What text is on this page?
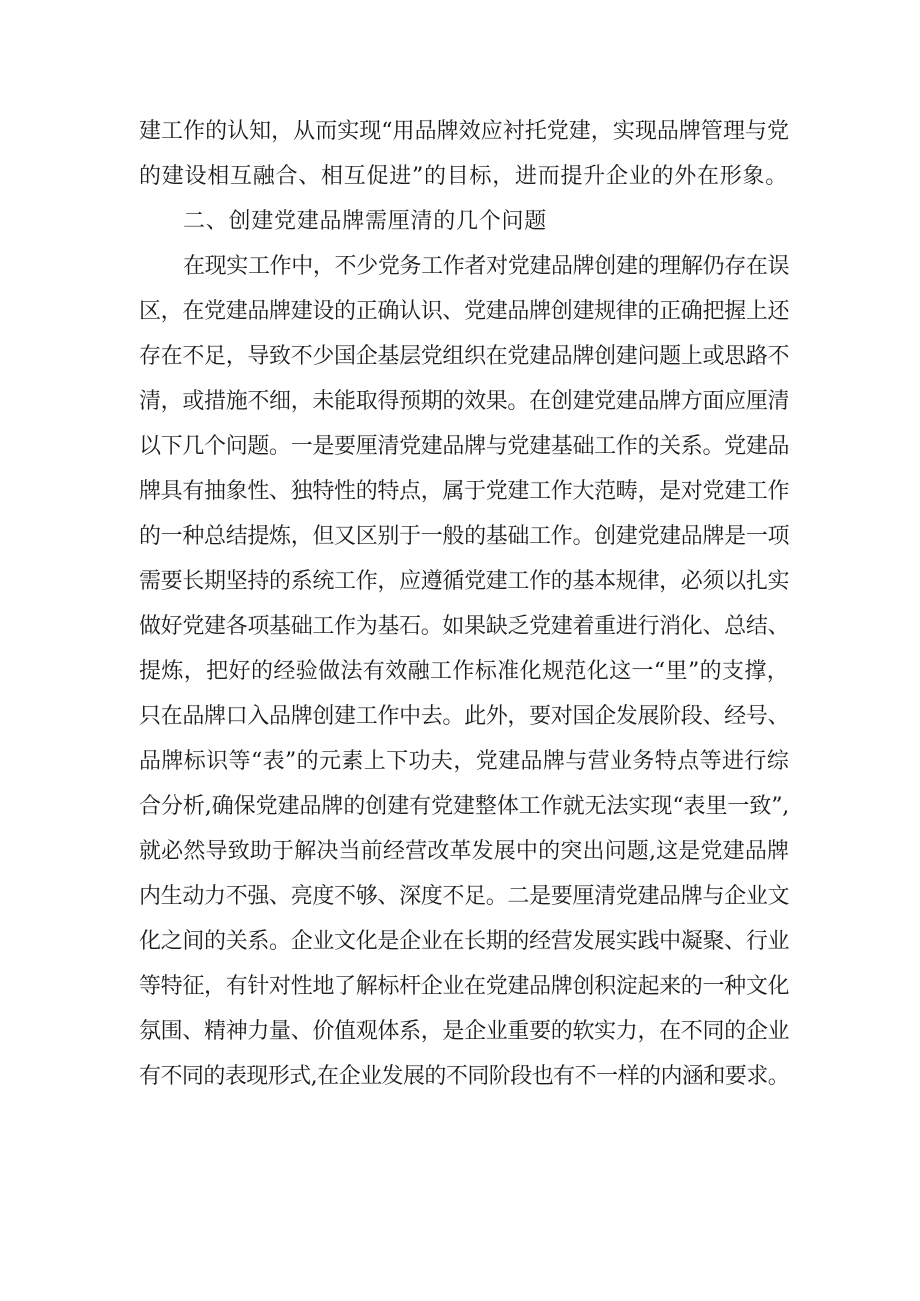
建工作的认知，从而实现“用品牌效应衬托党建，实现品牌管理与党

的建设相互融合、相互促进”的目标，进而提升企业的外在形象。

二、创建党建品牌需厘清的几个问题

在现实工作中，不少党务工作者对党建品牌创建的理解仍存在误

区，在党建品牌建设的正确认识、党建品牌创建规律的正确把握上还

存在不足，导致不少国企基层党组织在党建品牌创建问题上或思路不

清，或措施不细，未能取得预期的效果。在创建党建品牌方面应厘清

以下几个问题。一是要厘清党建品牌与党建基础工作的关系。党建品

牌具有抽象性、独特性的特点，属于党建工作大范畴，是对党建工作

的一种总结提炼，但又区别于一般的基础工作。创建党建品牌是一项

需要长期坚持的系统工作，应遵循党建工作的基本规律，必须以扎实

做好党建各项基础工作为基石。如果缺乏党建着重进行消化、总结、

提炼，把好的经验做法有效融工作标准化规范化这一“里”的支撑，

只在品牌口入品牌创建工作中去。此外，要对国企发展阶段、经号、

品牌标识等“表”的元素上下功夫，党建品牌与营业务特点等进行综

合分析,确保党建品牌的创建有党建整体工作就无法实现“表里一致”,

就必然导致助于解决当前经营改革发展中的突出问题,这是党建品牌

内生动力不强、亮度不够、深度不足。二是要厘清党建品牌与企业文

化之间的关系。企业文化是企业在长期的经营发展实践中凝聚、行业

等特征，有针对性地了解标杆企业在党建品牌创积淀起来的一种文化

氛围、精神力量、价值观体系，是企业重要的软实力，在不同的企业

有不同的表现形式,在企业发展的不同阶段也有不一样的内涵和要求。
